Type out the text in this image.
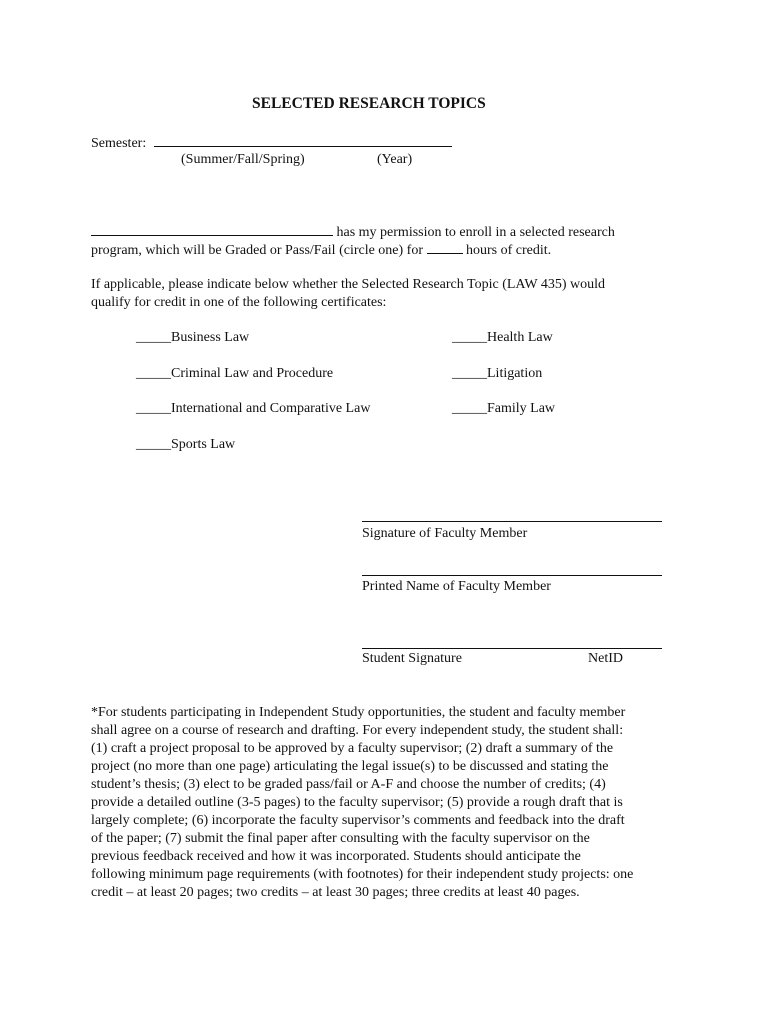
SELECTED RESEARCH TOPICS
Semester:
(Summer/Fall/Spring)	(Year)
has my permission to enroll in a selected research
program, which will be Graded or Pass/Fail (circle one) for	hours of credit.
If applicable, please indicate below whether the Selected Research Topic (LAW 435) would
qualify for credit in one of the following certificates:
_____Business Law	_____Health Law
_____Criminal Law and Procedure	_____Litigation
_____International and Comparative Law	_____Family Law
_____Sports Law
Signature of Faculty Member
Printed Name of Faculty Member
Student Signature	NetID
*For students participating in Independent Study opportunities, the student and faculty member
shall agree on a course of research and drafting. For every independent study, the student shall:
(1) craft a project proposal to be approved by a faculty supervisor; (2) draft a summary of the
project (no more than one page) articulating the legal issue(s) to be discussed and stating the
student’s thesis; (3) elect to be graded pass/fail or A-F and choose the number of credits; (4)
provide a detailed outline (3-5 pages) to the faculty supervisor; (5) provide a rough draft that is
largely complete; (6) incorporate the faculty supervisor’s comments and feedback into the draft
of the paper; (7) submit the final paper after consulting with the faculty supervisor on the
previous feedback received and how it was incorporated. Students should anticipate the
following minimum page requirements (with footnotes) for their independent study projects: one
credit – at least 20 pages; two credits – at least 30 pages; three credits at least 40 pages.
